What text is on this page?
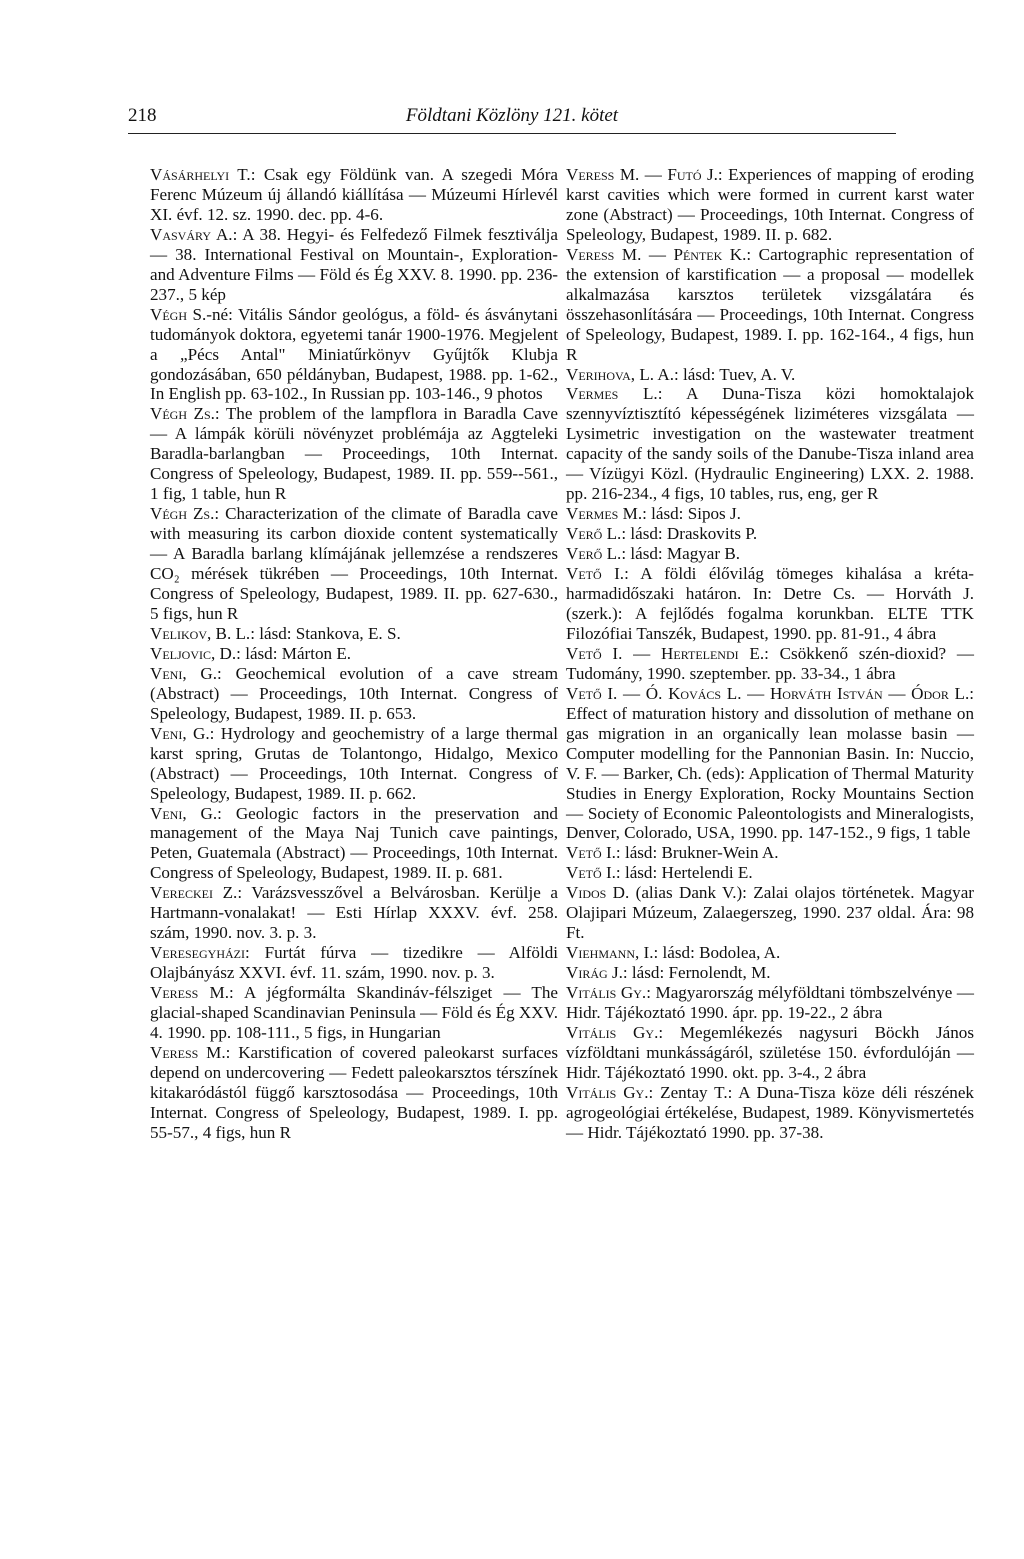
218	Földtani Közlöny 121. kötet

Vásárhelyi T.: Csak egy Földünk van. A szegedi Móra Ferenc Múzeum új állandó kiállítása — Múzeumi Hírlevél XI. évf. 12. sz. 1990. dec. pp. 4-6.

Vasváry A.: A 38. Hegyi- és Felfedező Filmek fesztiválja — 38. International Festival on Mountain-, Exploration- and Adventure Films — Föld és Ég XXV. 8. 1990. pp. 236-237., 5 kép

Végh S.-né: Vitális Sándor geológus, a föld- és ásványtani tudományok doktora, egyetemi tanár 1900-1976. Megjelent a „Pécs Antal" Miniatűrkönyv Gyűjtők Klubja gondozásában, 650 példányban, Budapest, 1988. pp. 1-62., In English pp. 63-102., In Russian pp. 103-146., 9 photos

Végh Zs.: The problem of the lampflora in Baradla Cave — A lámpák körüli növényzet problémája az Aggteleki Baradla-barlangban — Proceedings, 10th Internat. Congress of Speleology, Budapest, 1989. II. pp. 559--561., 1 fig, 1 table, hun R

Végh Zs.: Characterization of the climate of Baradla cave with measuring its carbon dioxide content systematically — A Baradla barlang klímájának jellemzése a rendszeres CO₂ mérések tükrében — Proceedings, 10th Internat. Congress of Speleology, Budapest, 1989. II. pp. 627-630., 5 figs, hun R

Velikov, B. L.: lásd: Stankova, E. S.

Veljovic, D.: lásd: Márton E.

Veni, G.: Geochemical evolution of a cave stream (Abstract) — Proceedings, 10th Internat. Congress of Speleology, Budapest, 1989. II. p. 653.

Veni, G.: Hydrology and geochemistry of a large thermal karst spring, Grutas de Tolantongo, Hidalgo, Mexico (Abstract) — Proceedings, 10th Internat. Congress of Speleology, Budapest, 1989. II. p. 662.

Veni, G.: Geologic factors in the preservation and management of the Maya Naj Tunich cave paintings, Peten, Guatemala (Abstract) — Proceedings, 10th Internat. Congress of Speleology, Budapest, 1989. II. p. 681.

Vereckei Z.: Varázsvesszővel a Belvárosban. Kerülje a Hartmann-vonalakat! — Esti Hírlap XXXV. évf. 258. szám, 1990. nov. 3. p. 3.

Veresegyházi: Furtát fúrva — tizedikre — Alföldi Olajbányász XXVI. évf. 11. szám, 1990. nov. p. 3.

Veress M.: A jégformálta Skandináv-félsziget — The glacial-shaped Scandinavian Peninsula — Föld és Ég XXV. 4. 1990. pp. 108-111., 5 figs, in Hungarian

Veress M.: Karstification of covered paleokarst surfaces depend on undercovering — Fedett paleokarsztos térszínek kitakaródástól függő karsztosodása — Proceedings, 10th Internat. Congress of Speleology, Budapest, 1989. I. pp. 55-57., 4 figs, hun R

Veress M. — Futó J.: Experiences of mapping of eroding karst cavities which were formed in current karst water zone (Abstract) — Proceedings, 10th Internat. Congress of Speleology, Budapest, 1989. II. p. 682.

Veress M. — Péntek K.: Cartographic representation of the extension of karstification — a proposal — modellek alkalmazása karsztos területek vizsgálatára és összehasonlítására — Proceedings, 10th Internat. Congress of Speleology, Budapest, 1989. I. pp. 162-164., 4 figs, hun R

Verihova, L. A.: lásd: Tuev, A. V.

Vermes L.: A Duna-Tisza közi homoktalajok szennyvíztisztító képességének liziméteres vizsgálata — Lysimetric investigation on the wastewater treatment capacity of the sandy soils of the Danube-Tisza inland area — Vízügyi Közl. (Hydraulic Engineering) LXX. 2. 1988. pp. 216-234., 4 figs, 10 tables, rus, eng, ger R

Vermes M.: lásd: Sipos J.

Verő L.: lásd: Draskovits P.

Verő L.: lásd: Magyar B.

Vető I.: A földi élővilág tömeges kihalása a kréta-harmadidőszaki határon. In: Detre Cs. — Horváth J. (szerk.): A fejlődés fogalma korunkban. ELTE TTK Filozófiai Tanszék, Budapest, 1990. pp. 81-91., 4 ábra

Vető I. — Hertelendi E.: Csökkenő szén-dioxid? — Tudomány, 1990. szeptember. pp. 33-34., 1 ábra

Vető I. — Ó. Kovács L. — Horváth István — Ódor L.: Effect of maturation history and dissolution of methane on gas migration in an organically lean molasse basin — Computer modelling for the Pannonian Basin. In: Nuccio, V. F. — Barker, Ch. (eds): Application of Thermal Maturity Studies in Energy Exploration, Rocky Mountains Section — Society of Economic Paleontologists and Mineralogists, Denver, Colorado, USA, 1990. pp. 147-152., 9 figs, 1 table

Vető I.: lásd: Brukner-Wein A.

Vető I.: lásd: Hertelendi E.

Vidos D. (alias Dank V.): Zalai olajos történetek. Magyar Olajipari Múzeum, Zalaegerszeg, 1990. 237 oldal. Ára: 98 Ft.

Viehmann, I.: lásd: Bodolea, A.

Virág J.: lásd: Fernolendt, M.

Vitális Gy.: Magyarország mélyföldtani tömbszelvénye — Hidr. Tájékoztató 1990. ápr. pp. 19-22., 2 ábra

Vitális Gy.: Megemlékezés nagysuri Böckh János vízföldtani munkásságáról, születése 150. évfordulóján — Hidr. Tájékoztató 1990. okt. pp. 3-4., 2 ábra

Vitális Gy.: Zentay T.: A Duna-Tisza köze déli részének agrogeológiai értékelése, Budapest, 1989. Könyvismertetés — Hidr. Tájékoztató 1990. pp. 37-38.
